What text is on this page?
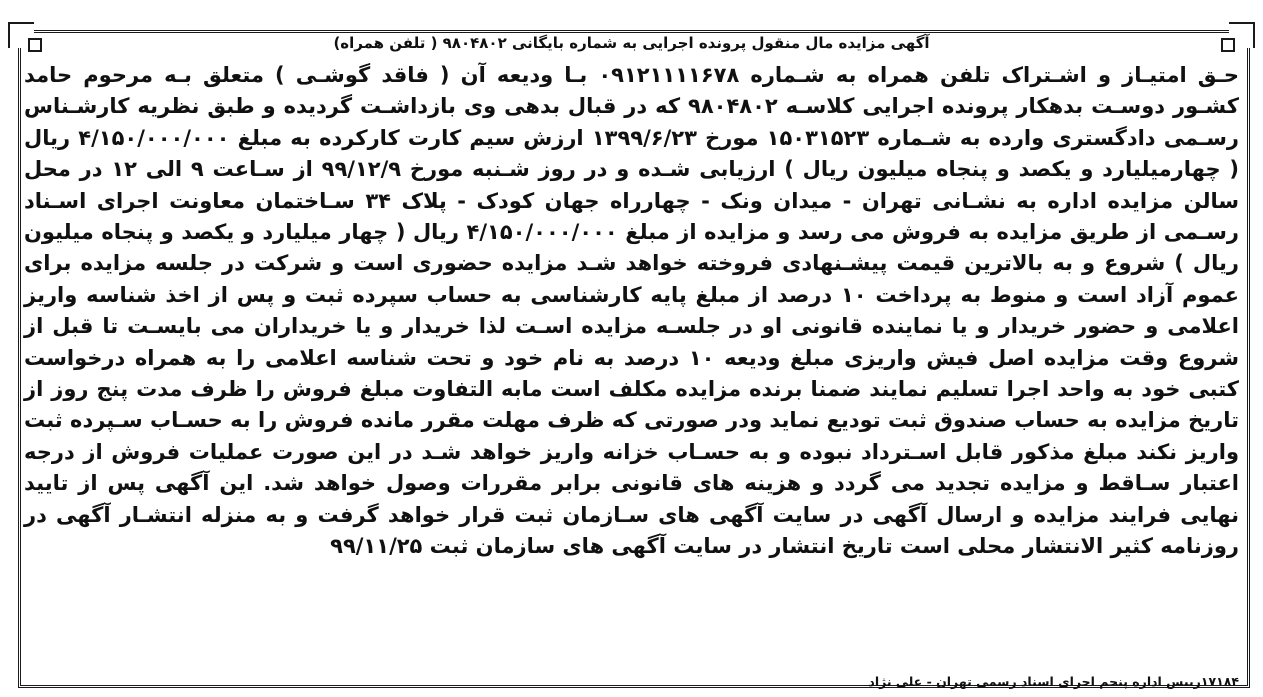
آگهی مزایده مال منقول پرونده اجرایی به شماره بایگانی ۹۸۰۴۸۰۲ ( تلفن همراه)

حـق امتیـاز و اشـتراک تلفن همراه به شـماره ۰۹۱۲۱۱۱۱۶۷۸ بـا ودیعه آن ( فاقد گوشـی ) متعلق بـه مرحوم حامد کشـور دوسـت بدهکار پرونده اجرایی کلاسـه ۹۸۰۴۸۰۲ که در قبال بدهی وی بازداشـت گردیده و طبق نظریه کارشـناس رسـمی دادگستری وارده به شـماره ۱۵۰۳۱۵۲۳ مورخ ۱۳۹۹/۶/۲۳ ارزش سیم کارت کارکرده به مبلغ ۴/۱۵۰/۰۰۰/۰۰۰ ریال ( چهارمیلیارد و یکصد و پنجاه میلیون ریال ) ارزیابی شـده و در روز شـنبه مورخ ۹۹/۱۲/۹ از سـاعت ۹ الی ۱۲ در محل سالن مزایده اداره به نشـانی تهران - میدان ونک - چهارراه جهان کودک - پلاک ۳۴ سـاختمان معاونت اجرای اسـناد رسـمی از طریق مزایده به فروش می رسد و مزایده از مبلغ ۴/۱۵۰/۰۰۰/۰۰۰ ریال ( چهار میلیارد و یکصد و پنجاه میلیون ریال ) شروع و به بالاترین قیمت پیشـنهادی فروخته خواهد شـد مزایده حضوری است و شرکت در جلسه مزایده برای عموم آزاد است و منوط به پرداخت ۱۰ درصد از مبلغ پایه کارشناسی به حساب سپرده ثبت و پس از اخذ شناسه واریز اعلامی و حضور خریدار و یا نماینده قانونی او در جلسـه مزایده اسـت لذا خریدار و یا خریداران می بایسـت تا قبل از شروع وقت مزایده اصل فیش واریزی مبلغ ودیعه ۱۰ درصد به نام خود و تحت شناسه اعلامی را به همراه درخواست کتبی خود به واحد اجرا تسلیم نمایند ضمنا برنده مزایده مکلف است مابه التفاوت مبلغ فروش را ظرف مدت پنج روز از تاریخ مزایده به حساب صندوق ثبت تودیع نماید ودر صورتی که ظرف مهلت مقرر مانده فروش را به حسـاب سـپرده ثبت واریز نکند مبلغ مذکور قابل اسـترداد نبوده و به حسـاب خزانه واریز خواهد شـد در این صورت عملیات فروش از درجه اعتبار سـاقط و مزایده تجدید می گردد و هزینه های قانونی برابر مقررات وصول خواهد شد. این آگهی پس از تایید نهایی فرایند مزایده و ارسال آگهی در سایت آگهی های سـازمان ثبت قرار خواهد گرفت و به منزله انتشـار آگهی در روزنامه کثیر الانتشار محلی است تاریخ انتشار در سایت آگهی های سازمان ثبت ۹۹/۱۱/۲۵

۱۷۱۸۴رییس اداره پنجم اجرای اسناد رسمی تهران - علی نژاد
